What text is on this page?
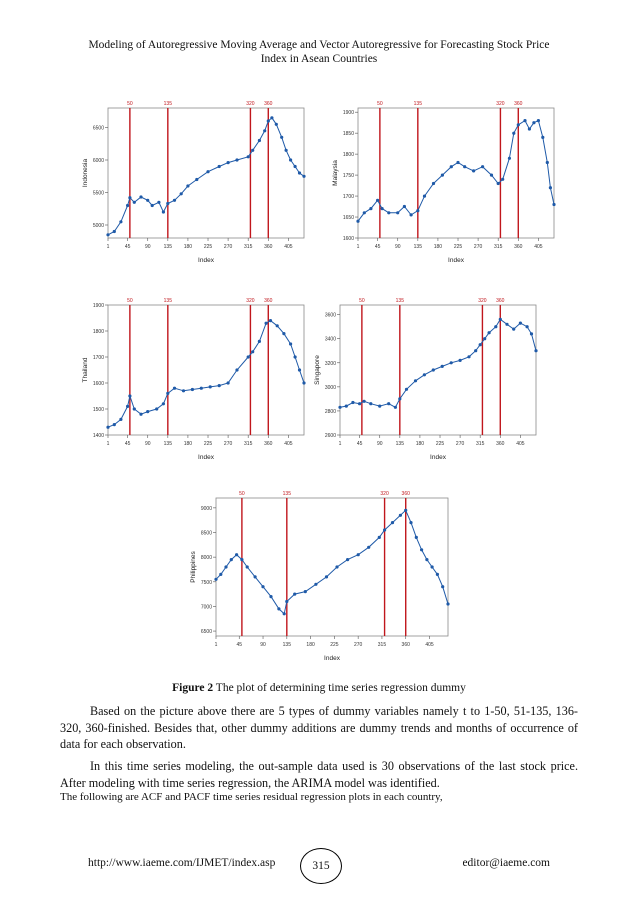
Modeling of Autoregressive Moving Average and Vector Autoregressive for Forecasting Stock Price
Index in Asean Countries
5000
5500
6000
6500
1	45	90	135 180 225 270 315 360 405
50	135	320 360
Index
Indonesia
1600
1650
1700
1750
1800
1850
1900
1	45	90	135 180 225 270 315 360 405
50	135	320 360
Index
Malaysia
1400
1500
1600
1700
1800
1900
1	45	90	135 180 225 270 315 360 405
50	135	320 360
Index
Thailand
2600
2800
3000
3200
3400
3600
1	45	90	135 180 225 270 315 360 405
50	135	320 360
Index
Singapore
6500
7000
7500
8000
8500
9000
1	45	90	135	180	225	270	315	360	405
50	135	320	360
Index
Philippines
Figure 2 The plot of determining time series regression dummy

Based on the picture above there are 5 types of dummy variables namely t to 1-50, 51-135, 136-320, 360-finished. Besides that, other dummy additions are dummy trends and months of occurrence of data for each observation.

In this time series modeling, the out-sample data used is 30 observations of the last stock price. After modeling with time series regression, the ARIMA model was identified.

The following are ACF and PACF time series residual regression plots in each country,

http://www.iaeme.com/IJMET/index.asp	315	editor@iaeme.com
